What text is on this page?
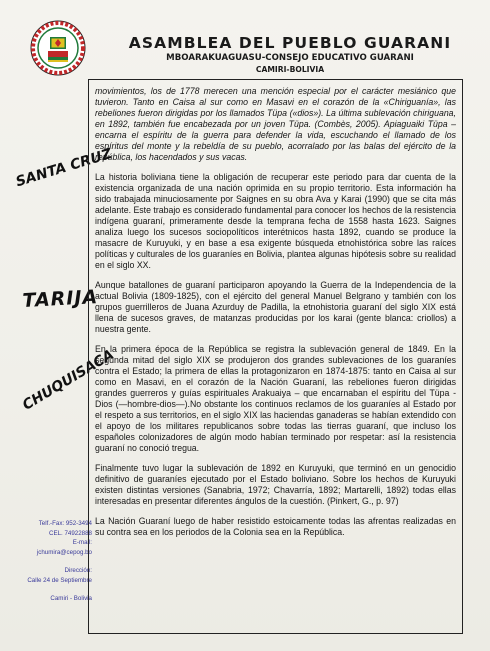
ASAMBLEA DEL PUEBLO GUARANI
MBOARAKUAGUASU-CONSEJO EDUCATIVO GUARANI
CAMIRI-BOLIVIA
SANTA CRUZ
TARIJA
CHUQUISACA
Telf.-Fax: 952-3494
CEL. 74922888
E-mail:
jchumira@cepog.bo
Dirección:
Calle 24 de Septiembre
Camiri - Bolivia

movimientos, los de 1778 merecen una mención especial por el carácter mesiánico que tuvieron. Tanto en Caisa al sur como en Masavi en el corazón de la «Chiriguanía», las rebeliones fueron dirigidas por los llamados Tüpa («dios»). La última sublevación chiriguana, en 1892, también fue encabezada por un joven Tüpa. (Combès, 2005). Apiaguaiki Tüpa – encarna el espíritu de la guerra para defender la vida, escuchando el llamado de los espíritus del monte y la rebeldía de su pueblo, acorralado por las balas del ejército de la república, los hacendados y sus vacas.

La historia boliviana tiene la obligación de recuperar este periodo para dar cuenta de la existencia organizada de una nación oprimida en su propio territorio. Esta información ha sido trabajada minuciosamente por Saignes en su obra Ava y Karai (1990) que se cita más adelante. Este trabajo es considerado fundamental para conocer los hechos de la resistencia indígena guaraní, primeramente desde la temprana fecha de 1558 hasta 1623. Saignes analiza luego los sucesos sociopolíticos interétnicos hasta 1892, cuando se produce la masacre de Kuruyuki, y en base a esa exigente búsqueda etnohistórica sobre las raíces políticas y culturales de los guaraníes en Bolivia, plantea algunas hipótesis sobre su realidad en el siglo XX.

Aunque batallones de guaraní participaron apoyando la Guerra de la Independencia de la actual Bolivia (1809-1825), con el ejército del general Manuel Belgrano y también con los grupos guerrilleros de Juana Azurduy de Padilla, la etnohistoria guaraní del siglo XIX está llena de sucesos graves, de matanzas producidas por los karai (gente blanca: criollos) a nuestra gente.

En la primera época de la República se registra la sublevación general de 1849. En la segunda mitad del siglo XIX se produjeron dos grandes sublevaciones de los guaraníes contra el Estado; la primera de ellas la protagonizaron en 1874-1875: tanto en Caisa al sur como en Masavi, en el corazón de la Nación Guaraní, las rebeliones fueron dirigidas grandes guerreros y guías espirituales Arakuaiya – que encarnaban el espíritu del Tüpa - Dios (—hombre-dios—).No obstante los continuos reclamos de los guaraníes al Estado por el respeto a sus territorios, en el siglo XIX las haciendas ganaderas se habían extendido con el apoyo de los militares republicanos sobre todas las tierras guaraní, que incluso los españoles colonizadores de algún modo habían terminado por respetar: así la resistencia guaraní no conoció tregua.

Finalmente tuvo lugar la sublevación de 1892 en Kuruyuki, que terminó en un genocidio definitivo de guaraníes ejecutado por el Estado boliviano. Sobre los hechos de Kuruyuki existen distintas versiones (Sanabria, 1972; Chavarría, 1892; Martarelli, 1892) todas ellas interesadas en presentar diferentes ángulos de la cuestión. (Pinkert, G., p. 97)

La Nación Guaraní luego de haber resistido estoicamente todas las afrentas realizadas en su contra sea en los periodos de la Colonia sea en la República.
